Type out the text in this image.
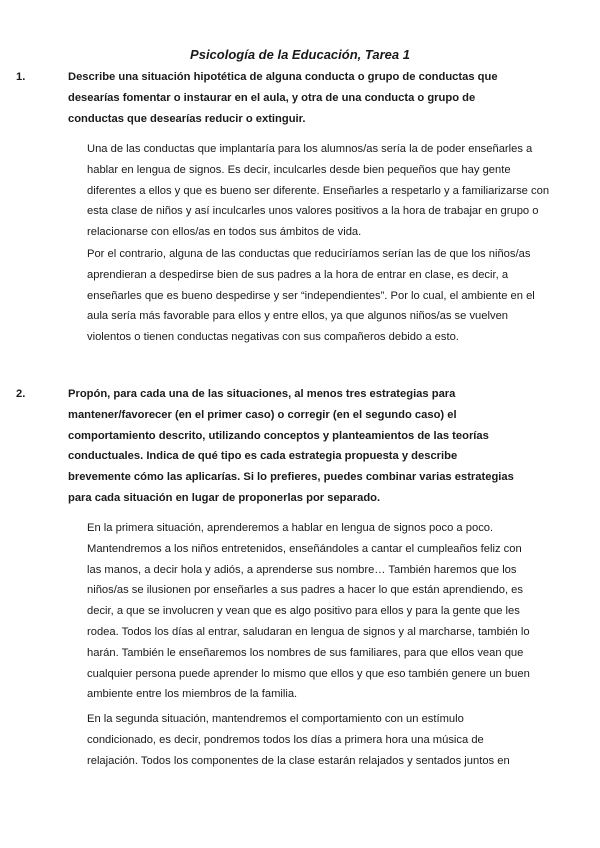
Psicología de la Educación, Tarea 1
1.	Describe una situación hipotética de alguna conducta o grupo de conductas que
desearías fomentar o instaurar en el aula, y otra de una conducta o grupo de
conductas que desearías reducir o extinguir.
Una de las conductas que implantaría para los alumnos/as sería la de poder enseñarles a
hablar en lengua de signos. Es decir, inculcarles desde bien pequeños que hay gente
diferentes a ellos y que es bueno ser diferente. Enseñarles a respetarlo y a familiarizarse con
esta clase de niños y así inculcarles unos valores positivos a la hora de trabajar en grupo o
relacionarse con ellos/as en todos sus ámbitos de vida.
Por el contrario, alguna de las conductas que reduciríamos serían las de que los niños/as
aprendieran a despedirse bien de sus padres a la hora de entrar en clase, es decir, a
enseñarles que es bueno despedirse y ser “independientes”. Por lo cual, el ambiente en el
aula sería más favorable para ellos y entre ellos, ya que algunos niños/as se vuelven
violentos o tienen conductas negativas con sus compañeros debido a esto.
2.	Propón, para cada una de las situaciones, al menos tres estrategias para
mantener/favorecer (en el primer caso) o corregir (en el segundo caso) el
comportamiento descrito, utilizando conceptos y planteamientos de las teorías
conductuales. Indica de qué tipo es cada estrategia propuesta y describe
brevemente cómo las aplicarías. Si lo prefieres, puedes combinar varias estrategias
para cada situación en lugar de proponerlas por separado.
En la primera situación, aprenderemos a hablar en lengua de signos poco a poco.
Mantendremos a los niños entretenidos, enseñándoles a cantar el cumpleaños feliz con
las manos, a decir hola y adiós, a aprenderse sus nombre… También haremos que los
niños/as se ilusionen por enseñarles a sus padres a hacer lo que están aprendiendo, es
decir, a que se involucren y vean que es algo positivo para ellos y para la gente que les
rodea. Todos los días al entrar, saludaran en lengua de signos y al marcharse, también lo
harán. También le enseñaremos los nombres de sus familiares, para que ellos vean que
cualquier persona puede aprender lo mismo que ellos y que eso también genere un buen
ambiente entre los miembros de la familia.
En la segunda situación, mantendremos el comportamiento con un estímulo
condicionado, es decir, pondremos todos los días a primera hora una música de
relajación. Todos los componentes de la clase estarán relajados y sentados juntos en
